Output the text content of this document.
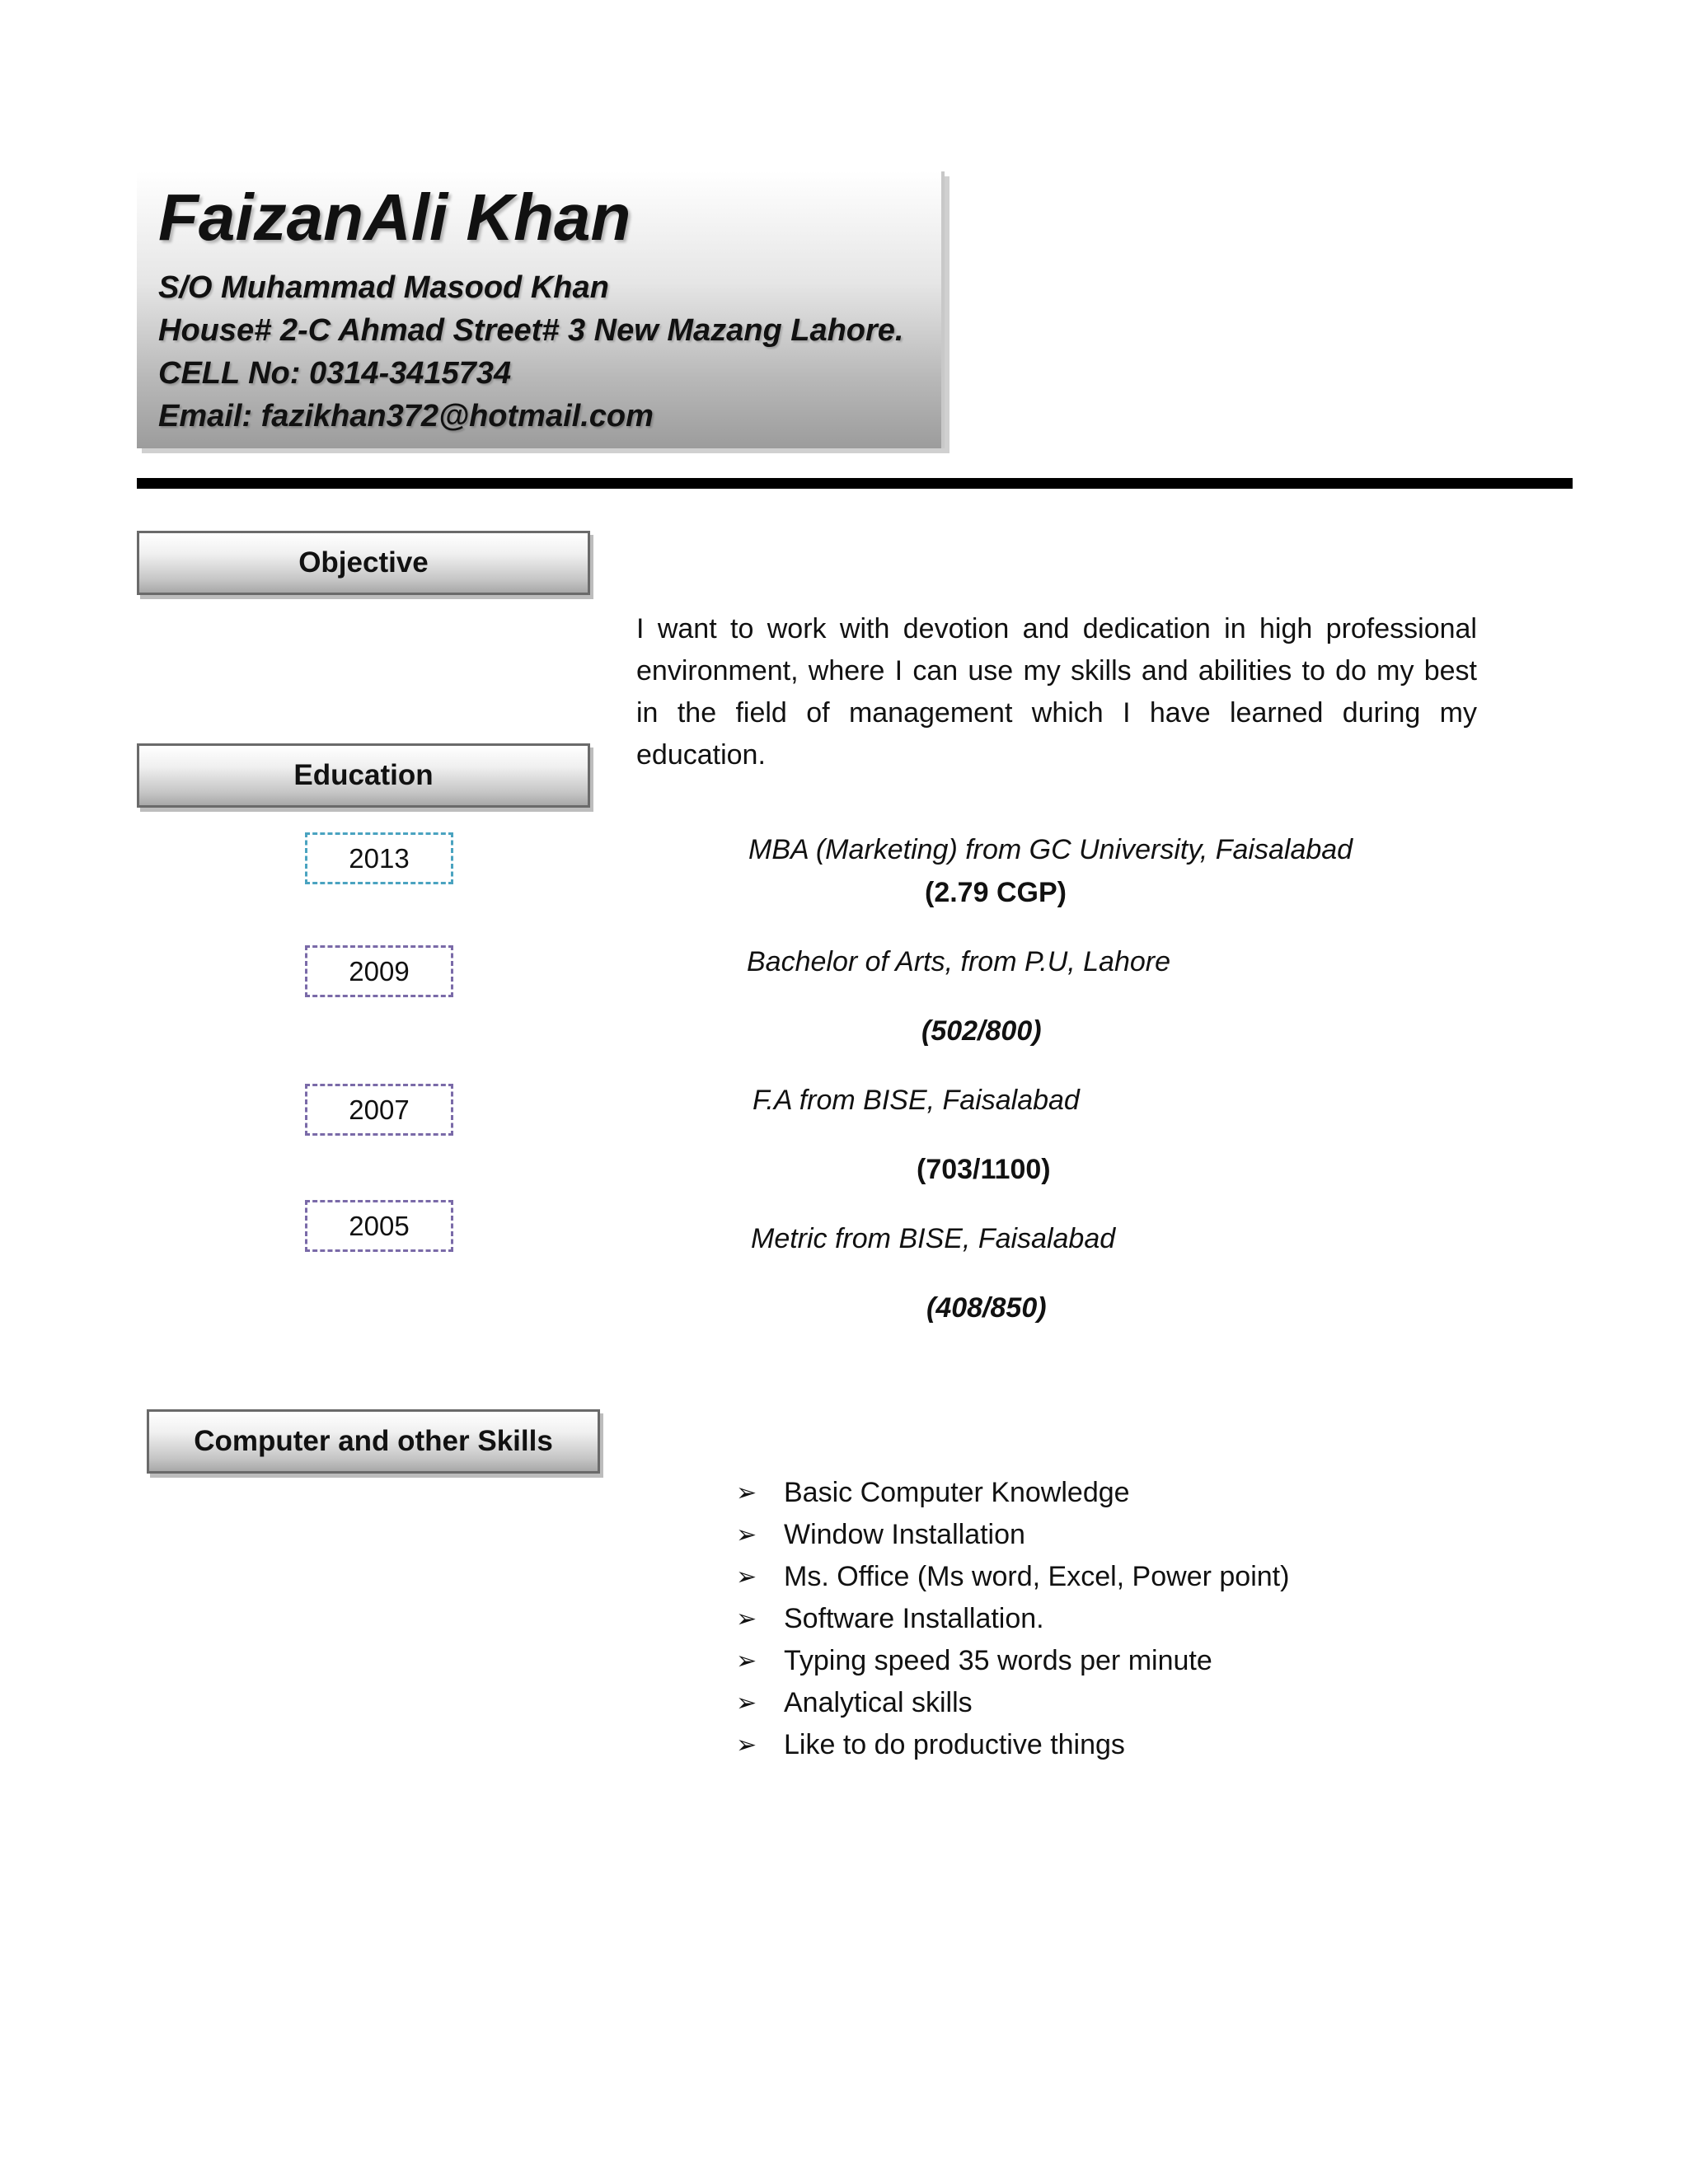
FaizanAli Khan
S/O Muhammad Masood Khan
House# 2-C Ahmad Street# 3 New Mazang Lahore.
CELL No: 0314-3415734
Email: fazikhan372@hotmail.com
Objective
I want to work with devotion and dedication in high professional environment, where I can use my skills and abilities to do my best in the field of management which I have learned during my education.
Education
2013	MBA (Marketing) from GC University, Faisalabad
(2.79 CGP)
2009	Bachelor of Arts, from P.U, Lahore
(502/800)
2007	F.A from BISE, Faisalabad
(703/1100)
2005	Metric from BISE, Faisalabad
(408/850)
Computer and other Skills
➢ Basic Computer Knowledge
➢ Window Installation
➢ Ms. Office (Ms word, Excel, Power point)
➢ Software Installation.
➢ Typing speed 35 words per minute
➢ Analytical skills
➢ Like to do productive things
